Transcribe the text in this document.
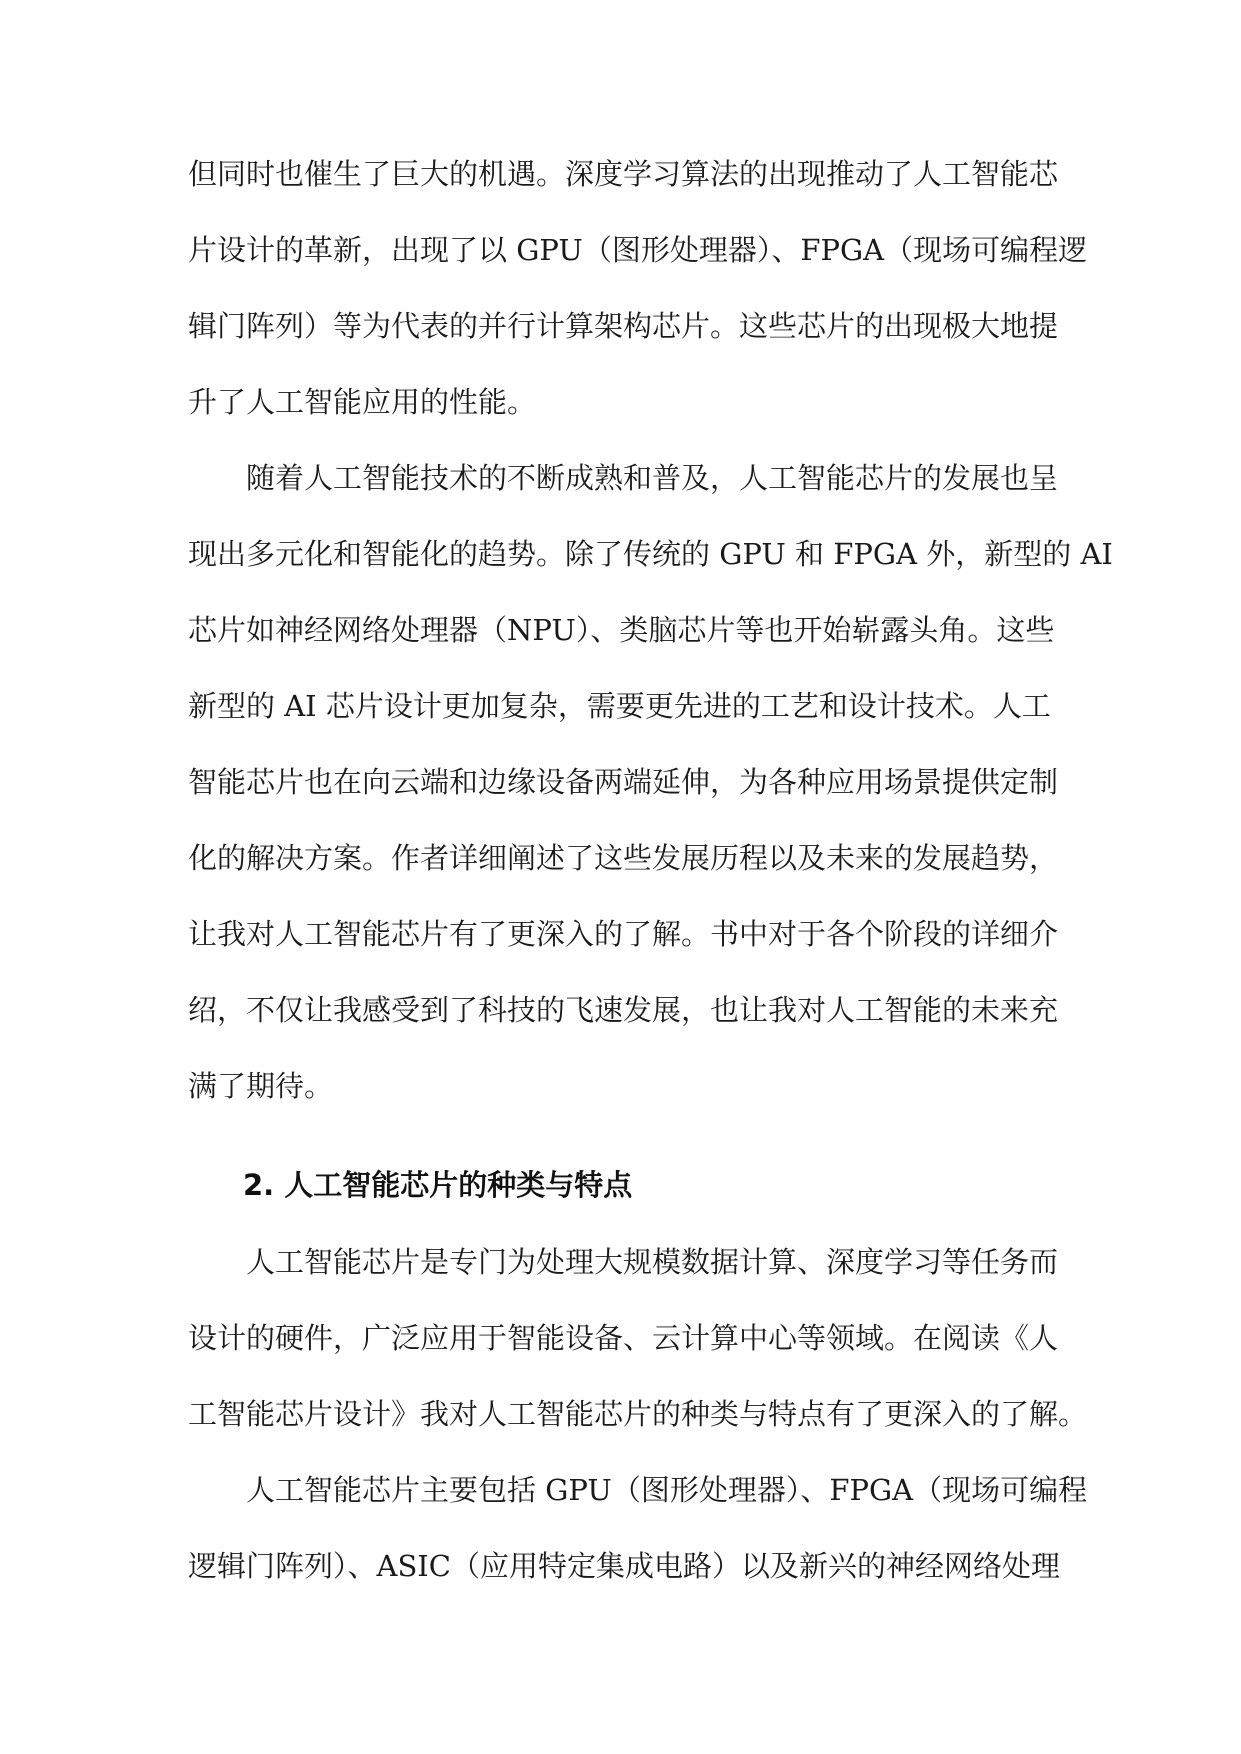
但同时也催生了巨大的机遇。深度学习算法的出现推动了人工智能芯
片设计的革新，出现了以 GPU（图形处理器）、FPGA（现场可编程逻
辑门阵列）等为代表的并行计算架构芯片。这些芯片的出现极大地提
升了人工智能应用的性能。
随着人工智能技术的不断成熟和普及，人工智能芯片的发展也呈
现出多元化和智能化的趋势。除了传统的 GPU 和 FPGA 外，新型的 AI
芯片如神经网络处理器（NPU）、类脑芯片等也开始崭露头角。这些
新型的 AI 芯片设计更加复杂，需要更先进的工艺和设计技术。人工
智能芯片也在向云端和边缘设备两端延伸，为各种应用场景提供定制
化的解决方案。作者详细阐述了这些发展历程以及未来的发展趋势，
让我对人工智能芯片有了更深入的了解。书中对于各个阶段的详细介
绍，不仅让我感受到了科技的飞速发展，也让我对人工智能的未来充
满了期待。
2. 人工智能芯片的种类与特点
人工智能芯片是专门为处理大规模数据计算、深度学习等任务而
设计的硬件，广泛应用于智能设备、云计算中心等领域。在阅读《人
工智能芯片设计》我对人工智能芯片的种类与特点有了更深入的了解。
人工智能芯片主要包括 GPU（图形处理器）、FPGA（现场可编程
逻辑门阵列）、ASIC（应用特定集成电路）以及新兴的神经网络处理
